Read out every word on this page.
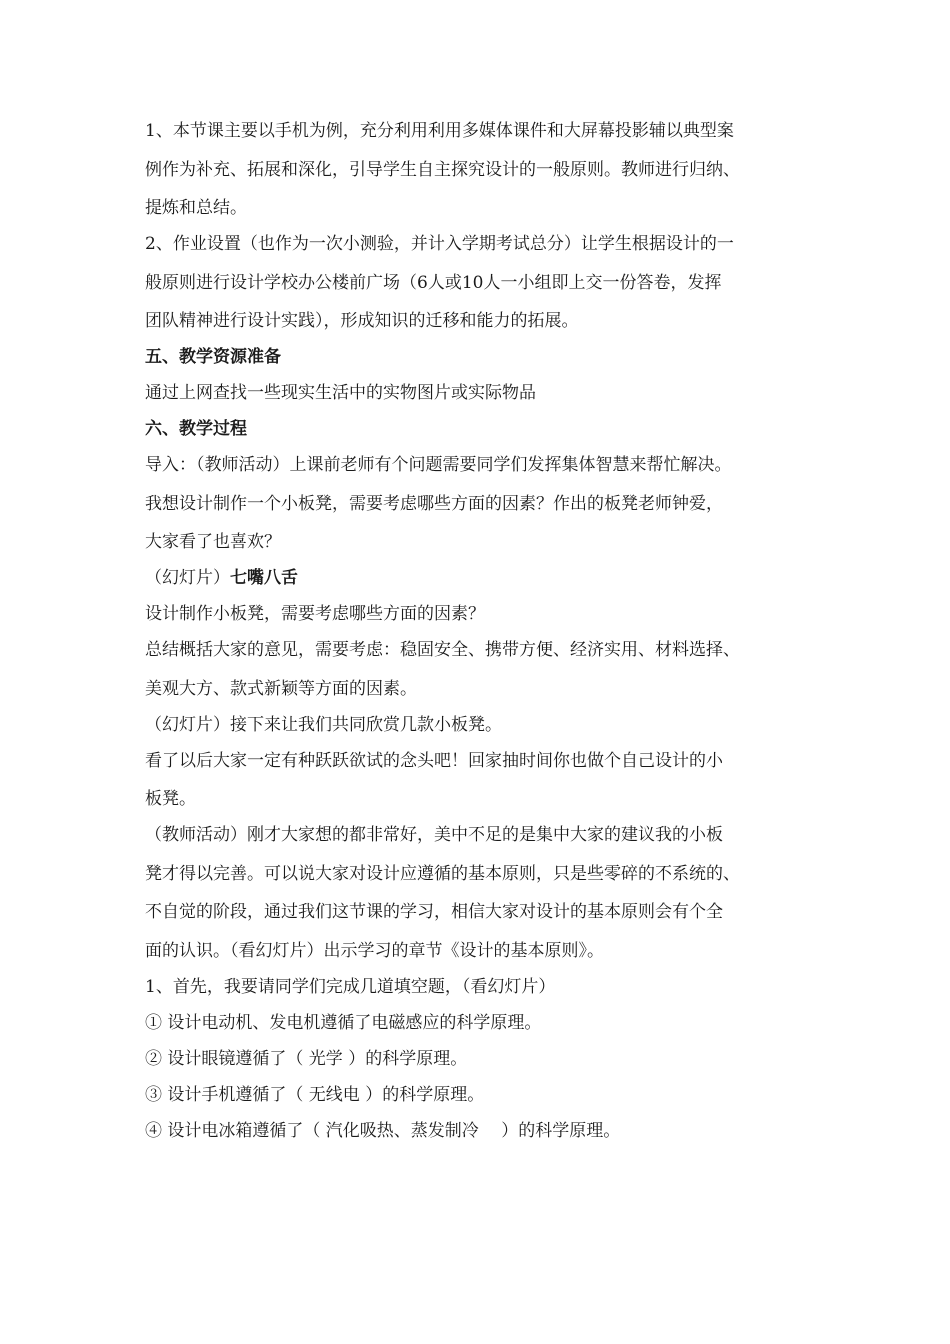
1、本节课主要以手机为例，充分利用利用多媒体课件和大屏幕投影辅以典型案

例作为补充、拓展和深化，引导学生自主探究设计的一般原则。教师进行归纳、

提炼和总结。

2、作业设置（也作为一次小测验，并计入学期考试总分）让学生根据设计的一

般原则进行设计学校办公楼前广场（6人或10人一小组即上交一份答卷，发挥

团队精神进行设计实践），形成知识的迁移和能力的拓展。

五、教学资源准备

通过上网查找一些现实生活中的实物图片或实际物品

六、教学过程

导入：（教师活动）上课前老师有个问题需要同学们发挥集体智慧来帮忙解决。

我想设计制作一个小板凳，需要考虑哪些方面的因素？作出的板凳老师钟爱，

大家看了也喜欢？

（幻灯片）七嘴八舌

设计制作小板凳，需要考虑哪些方面的因素？

总结概括大家的意见，需要考虑：稳固安全、携带方便、经济实用、材料选择、

美观大方、款式新颖等方面的因素。

（幻灯片）接下来让我们共同欣赏几款小板凳。

看了以后大家一定有种跃跃欲试的念头吧！回家抽时间你也做个自己设计的小

板凳。

（教师活动）刚才大家想的都非常好，美中不足的是集中大家的建议我的小板

凳才得以完善。可以说大家对设计应遵循的基本原则，只是些零碎的不系统的、

不自觉的阶段，通过我们这节课的学习，相信大家对设计的基本原则会有个全

面的认识。（看幻灯片）出示学习的章节《设计的基本原则》。

1、首先，我要请同学们完成几道填空题，（看幻灯片）

① 设计电动机、发电机遵循了电磁感应的科学原理。

② 设计眼镜遵循了（ 光学 ）的科学原理。

③ 设计手机遵循了（ 无线电 ）的科学原理。

④ 设计电冰箱遵循了（ 汽化吸热、蒸发制冷　 ）的科学原理。
